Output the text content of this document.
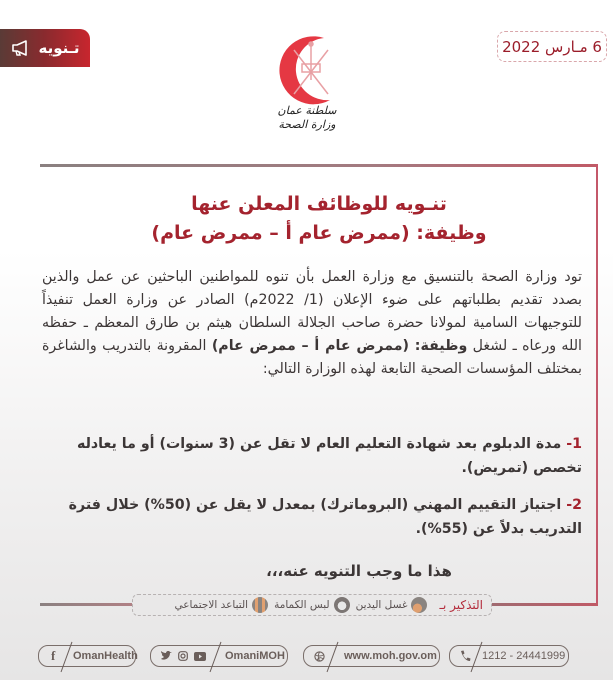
تـنويه	6 مـارس 2022
سلطنة عمان
وزارة الصحة
تنـويه للوظائف المعلن عنها
وظيفة: (ممرض عام أ – ممرض عام)
تود وزارة الصحة بالتنسيق مع وزارة العمل بأن تنوه للمواطنين الباحثين عن عمل والذين بصدد تقديم بطلباتهم على ضوء الإعلان (1/ 2022م) الصادر عن وزارة العمل تنفيذاً للتوجيهات السامية لمولانا حضرة صاحب الجلالة السلطان هيثم بن طارق المعظم ـ حفظه الله ورعاه ـ لشغل وظيفة: (ممرض عام أ – ممرض عام) المقرونة بالتدريب والشاغرة بمختلف المؤسسات الصحية التابعة لهذه الوزارة التالي:
1- مدة الدبلوم بعد شهادة التعليم العام لا تقل عن (3 سنوات) أو ما يعادله تخصص (تمريض).
2- اجتياز التقييم المهني (البروماترك) بمعدل لا يقل عن (50%) خلال فترة التدريب بدلاً عن (55%).
هذا ما وجب التنويه عنه،،،
التذكير بـ
غسل اليدين
لبس الكمامة
التباعد الاجتماعي
f OmanHealth	OmaniMOH	www.moh.gov.om	1212 - 24441999
